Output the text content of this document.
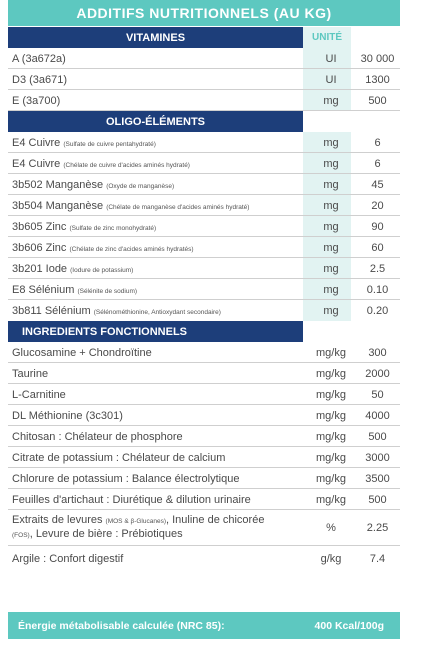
ADDITIFS NUTRITIONNELS (AU KG)
VITAMINES	UNITÉ
A (3a672a)	UI	30 000
D3 (3a671)	UI	1300
E (3a700)	mg	500
OLIGO-ÉLÉMENTS
E4 Cuivre (Sulfate de cuivre pentahydraté)	mg	6
E4 Cuivre (Chélate de cuivre d'acides aminés hydraté)	mg	6
3b502 Manganèse (Oxyde de manganèse)	mg	45
3b504 Manganèse (Chélate de manganèse d'acides aminés hydraté)	mg	20
3b605 Zinc (Sulfate de zinc monohydraté)	mg	90
3b606 Zinc (Chélate de zinc d'acides aminés hydratés)	mg	60
3b201 Iode (Iodure de potassium)	mg	2.5
E8 Sélénium (Sélénite de sodium)	mg	0.10
3b811 Sélénium (Sélénométhionine, Antioxydant secondaire)	mg	0.20
INGREDIENTS FONCTIONNELS
Glucosamine + Chondroïtine	mg/kg	300
Taurine	mg/kg	2000
L-Carnitine	mg/kg	50
DL Méthionine (3c301)	mg/kg	4000
Chitosan : Chélateur de phosphore	mg/kg	500
Citrate de potassium : Chélateur de calcium	mg/kg	3000
Chlorure de potassium : Balance électrolytique	mg/kg	3500
Feuilles d'artichaut : Diurétique & dilution urinaire	mg/kg	500
Extraits de levures (MOS & β-Glucanes), Inuline de chicorée
(FOS), Levure de bière : Prébiotiques	%	2.25
Argile : Confort digestif	g/kg	7.4
Énergie métabolisable calculée (NRC 85):	400 Kcal/100g
